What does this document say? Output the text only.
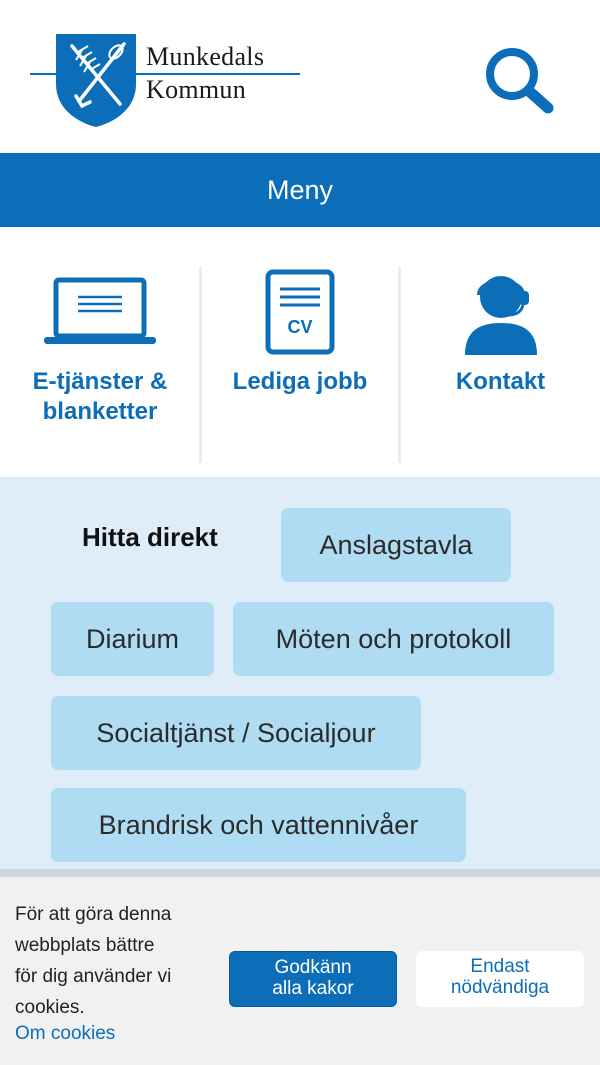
Munkedals
Kommun
Meny
E-tjänster &
blanketter
CV
Lediga jobb	Kontakt
Hitta direkt	Anslagstavla
Diarium	Möten och protokoll
Socialtjänst / Socialjour
Brandrisk och vattennivåer
För att göra denna
webbplats bättre
för dig använder vi
cookies.
Om cookies
Godkänn
alla kakor
Endast
nödvändiga
